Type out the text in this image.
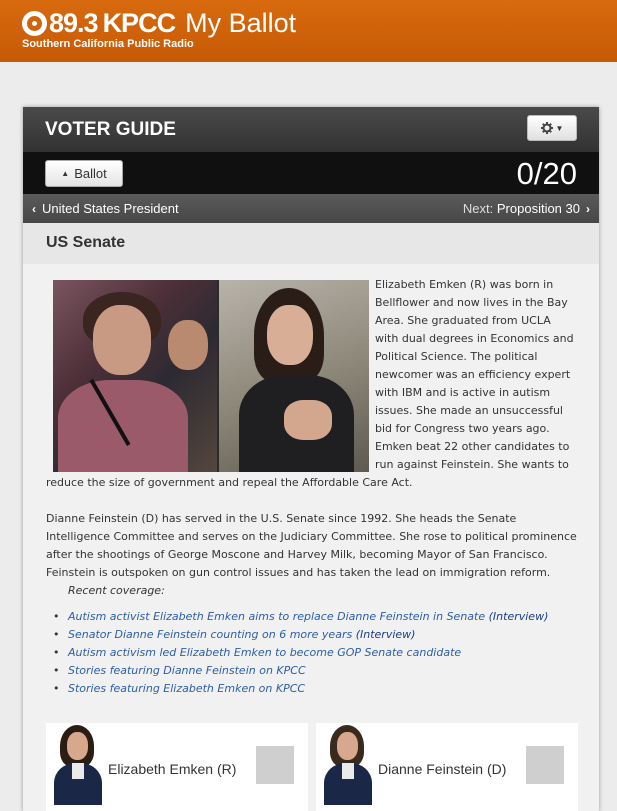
89.3 KPCC My Ballot
Southern California Public Radio
VOTER GUIDE	▼
▲ Ballot	0/20
‹ United States President	Next: Proposition 30 ›
US Senate

Elizabeth Emken (R) was born in Bellflower and now lives in the Bay Area. She graduated from UCLA with dual degrees in Economics and Political Science. The political newcomer was an efficiency expert with IBM and is active in autism issues. She made an unsuccessful bid for Congress two years ago. Emken beat 22 other candidates to run against Feinstein. She wants to reduce the size of government and repeal the Affordable Care Act.

Dianne Feinstein (D) has served in the U.S. Senate since 1992. She heads the Senate Intelligence Committee and serves on the Judiciary Committee. She rose to political prominence after the shootings of George Moscone and Harvey Milk, becoming Mayor of San Francisco. Feinstein is outspoken on gun control issues and has taken the lead on immigration reform.

Recent coverage:
• Autism activist Elizabeth Emken aims to replace Dianne Feinstein in Senate (Interview)
• Senator Dianne Feinstein counting on 6 more years (Interview)
• Autism activism led Elizabeth Emken to become GOP Senate candidate
• Stories featuring Dianne Feinstein on KPCC
• Stories featuring Elizabeth Emken on KPCC
Elizabeth Emken (R)	Dianne Feinstein (D)
